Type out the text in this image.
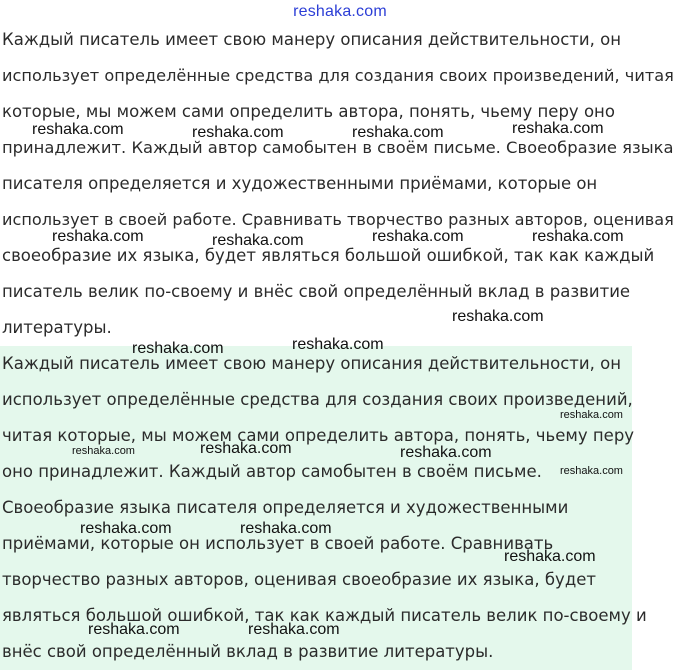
reshaka.com

Каждый писатель имеет свою манеру описания действительности, он

использует определённые средства для создания своих произведений, читая

которые, мы можем сами определить автора, понять, чьему перу оно

принадлежит. Каждый автор самобытен в своём письме. Своеобразие языка

писателя определяется и художественными приёмами, которые он

использует в своей работе. Сравнивать творчество разных авторов, оценивая

своеобразие их языка, будет являться большой ошибкой, так как каждый

писатель велик по-своему и внёс свой определённый вклад в развитие

литературы.

Каждый писатель имеет свою манеру описания действительности, он

использует определённые средства для создания своих произведений,

читая которые, мы можем сами определить автора, понять, чьему перу

оно принадлежит. Каждый автор самобытен в своём письме.

Своеобразие языка писателя определяется и художественными

приёмами, которые он использует в своей работе. Сравнивать

творчество разных авторов, оценивая своеобразие их языка, будет

являться большой ошибкой, так как каждый писатель велик по-своему и

внёс свой определённый вклад в развитие литературы.

reshaka.com	reshaka.com	reshaka.com	reshaka.com
reshaka.com	reshaka.com	reshaka.com	reshaka.com
reshaka.com
reshaka.com
reshaka.com
reshaka.com
reshaka.com	reshaka.com	reshaka.com
reshaka.com
reshaka.com	reshaka.com
reshaka.com
reshaka.com	reshaka.com
